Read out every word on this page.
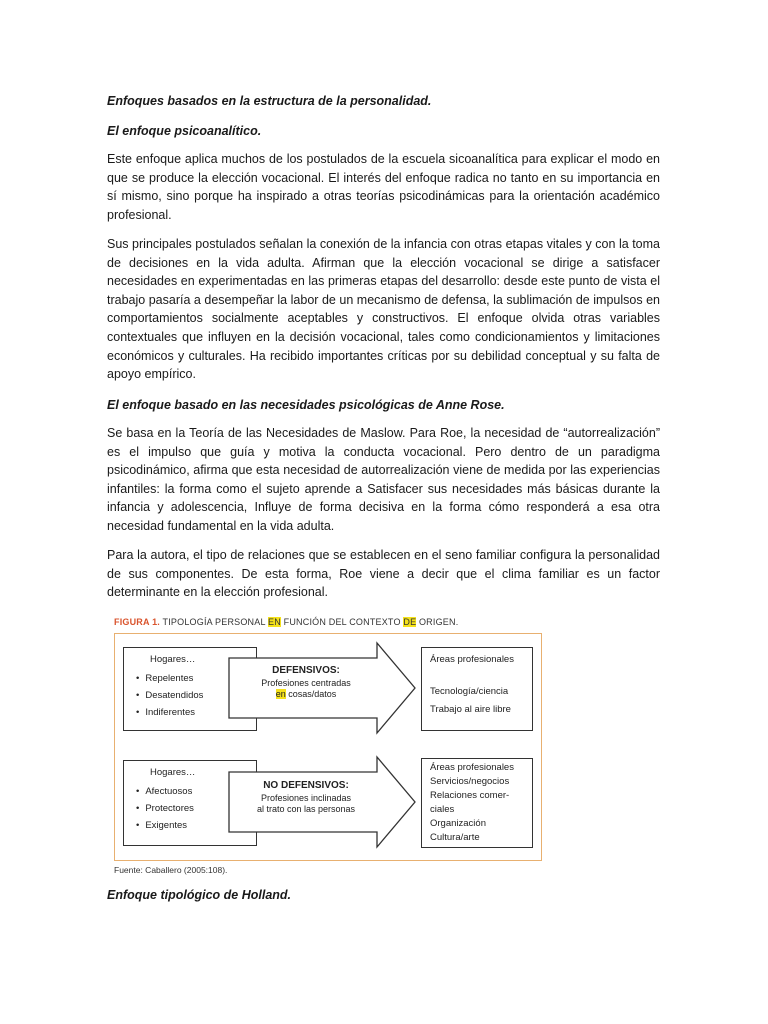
Enfoques basados en la estructura de la personalidad.

El enfoque psicoanalítico.

Este enfoque aplica muchos de los postulados de la escuela sicoanalítica para explicar el modo en que se produce la elección vocacional. El interés del enfoque radica no tanto en su importancia en sí mismo, sino porque ha inspirado a otras teorías psicodinámicas para la orientación académico profesional.

Sus principales postulados señalan la conexión de la infancia con otras etapas vitales y con la toma de decisiones en la vida adulta. Afirman que la elección vocacional se dirige a satisfacer necesidades en experimentadas en las primeras etapas del desarrollo: desde este punto de vista el trabajo pasaría a desempeñar la labor de un mecanismo de defensa, la sublimación de impulsos en comportamientos socialmente aceptables y constructivos. El enfoque olvida otras variables contextuales que influyen en la decisión vocacional, tales como condicionamientos y limitaciones económicos y culturales. Ha recibido importantes críticas por su debilidad conceptual y su falta de apoyo empírico.

El enfoque basado en las necesidades psicológicas de Anne Rose.

Se basa en la Teoría de las Necesidades de Maslow. Para Roe, la necesidad de “autorrealización” es el impulso que guía y motiva la conducta vocacional. Pero dentro de un paradigma psicodinámico, afirma que esta necesidad de autorrealización viene de medida por las experiencias infantiles: la forma como el sujeto aprende a Satisfacer sus necesidades más básicas durante la infancia y adolescencia, Influye de forma decisiva en la forma cómo responderá a esa otra necesidad fundamental en la vida adulta.

Para la autora, el tipo de relaciones que se establecen en el seno familiar configura la personalidad de sus componentes. De esta forma, Roe viene a decir que el clima familiar es un factor determinante en la elección profesional.

FIGURA 1. TIPOLOGÍA PERSONAL EN FUNCIÓN DEL CONTEXTO DE ORIGEN.
Hogares…
• Repelentes
• Desatendidos
• Indiferentes
DEFENSIVOS:
Profesiones centradas
en cosas/datos
Áreas profesionales
Tecnología/ciencia
Trabajo al aire libre
Hogares…
• Afectuosos
• Protectores
• Exigentes
NO DEFENSIVOS:
Profesiones inclinadas
al trato con las personas
Áreas profesionales
Servicios/negocios
Relaciones comer-
ciales
Organización
Cultura/arte
Fuente: Caballero (2005:108).

Enfoque tipológico de Holland.
